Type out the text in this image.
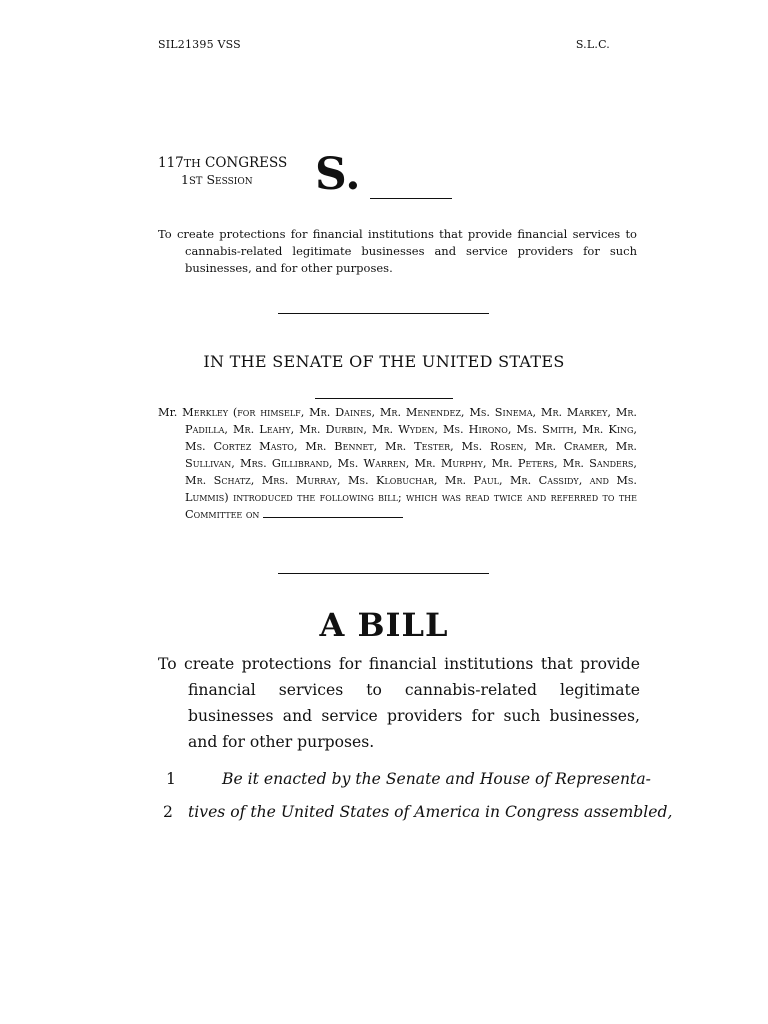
SIL21395 VSS	S.L.C.
117TH CONGRESS
1ST Session S.
To create protections for financial institutions that provide financial services to cannabis-related legitimate businesses and service providers for such businesses, and for other purposes.
IN THE SENATE OF THE UNITED STATES
Mr. Merkley (for himself, Mr. Daines, Mr. Menendez, Ms. Sinema, Mr. Markey, Mr. Padilla, Mr. Leahy, Mr. Durbin, Mr. Wyden, Ms. Hirono, Ms. Smith, Mr. King, Ms. Cortez Masto, Mr. Bennet, Mr. Tester, Ms. Rosen, Mr. Cramer, Mr. Sullivan, Mrs. Gillibrand, Ms. Warren, Mr. Murphy, Mr. Peters, Mr. Sanders, Mr. Schatz, Mrs. Murray, Ms. Klobuchar, Mr. Paul, Mr. Cassidy, and Ms. Lummis) introduced the following bill; which was read twice and referred to the Committee on
A BILL
To create protections for financial institutions that provide financial services to cannabis-related legitimate businesses and service providers for such businesses, and for other purposes.
1	Be it enacted by the Senate and House of Representa-
2 tives of the United States of America in Congress assembled,
